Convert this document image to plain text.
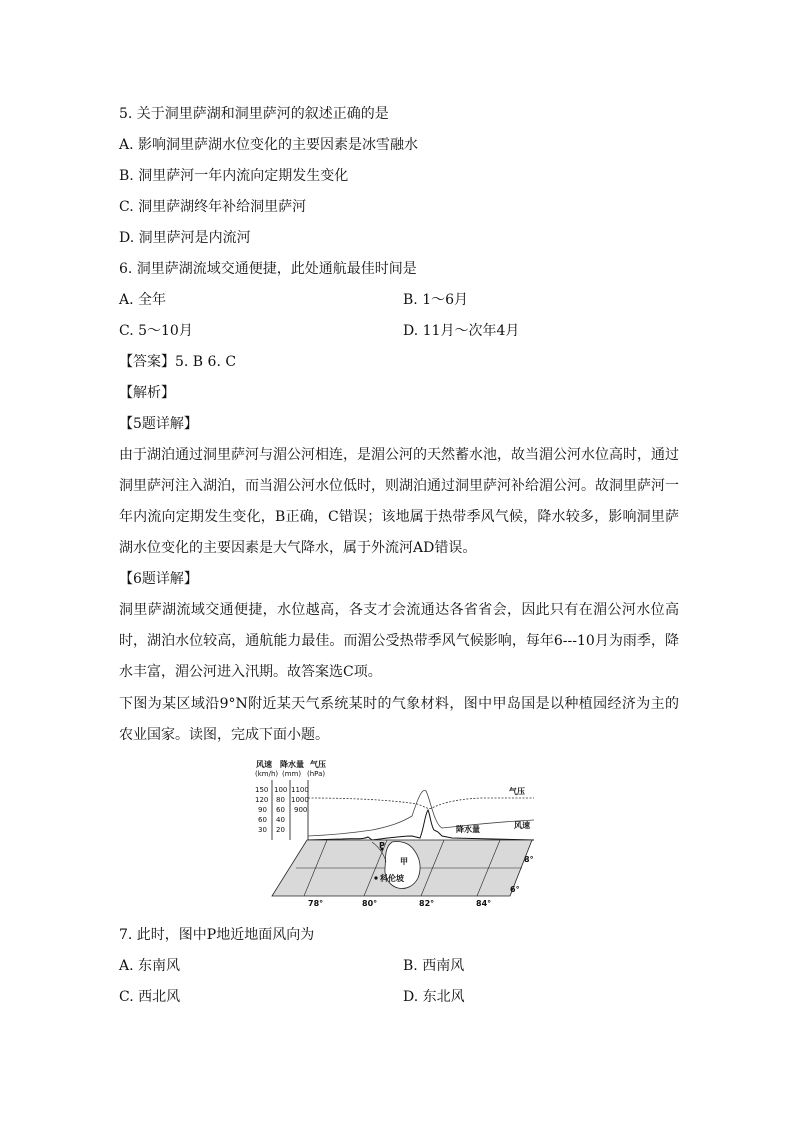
5. 关于洞里萨湖和洞里萨河的叙述正确的是
A. 影响洞里萨湖水位变化的主要因素是冰雪融水
B. 洞里萨河一年内流向定期发生变化
C. 洞里萨湖终年补给洞里萨河
D. 洞里萨河是内流河
6. 洞里萨湖流域交通便捷，此处通航最佳时间是
A. 全年	B. 1～6月
C. 5～10月	D. 11月～次年4月
【答案】5. B 6. C
【解析】
【5题详解】
由于湖泊通过洞里萨河与湄公河相连，是湄公河的天然蓄水池，故当湄公河水位高时，通过洞里萨河注入湖泊，而当湄公河水位低时，则湖泊通过洞里萨河补给湄公河。故洞里萨河一年内流向定期发生变化，B正确，C错误；该地属于热带季风气候，降水较多，影响洞里萨湖水位变化的主要因素是大气降水，属于外流河AD错误。
【6题详解】
洞里萨湖流域交通便捷，水位越高，各支才会流通达各省省会，因此只有在湄公河水位高时，湖泊水位较高，通航能力最佳。而湄公受热带季风气候影响，每年6---10月为雨季，降水丰富，湄公河进入汛期。故答案选C项。
下图为某区域沿9°N附近某天气系统某时的气象材料，图中甲岛国是以种植园经济为主的农业国家。读图，完成下面小题。
风速 降水量 气压
(km/h) (mm) (hPa)
150
120
90
60
30
100
80
60
40
20
1100
1000
900
气压
风速
降水量
P
甲
科伦坡
8°
6°
78°	80°	82°	84°
7. 此时，图中P地近地面风向为
A. 东南风	B. 西南风
C. 西北风	D. 东北风
